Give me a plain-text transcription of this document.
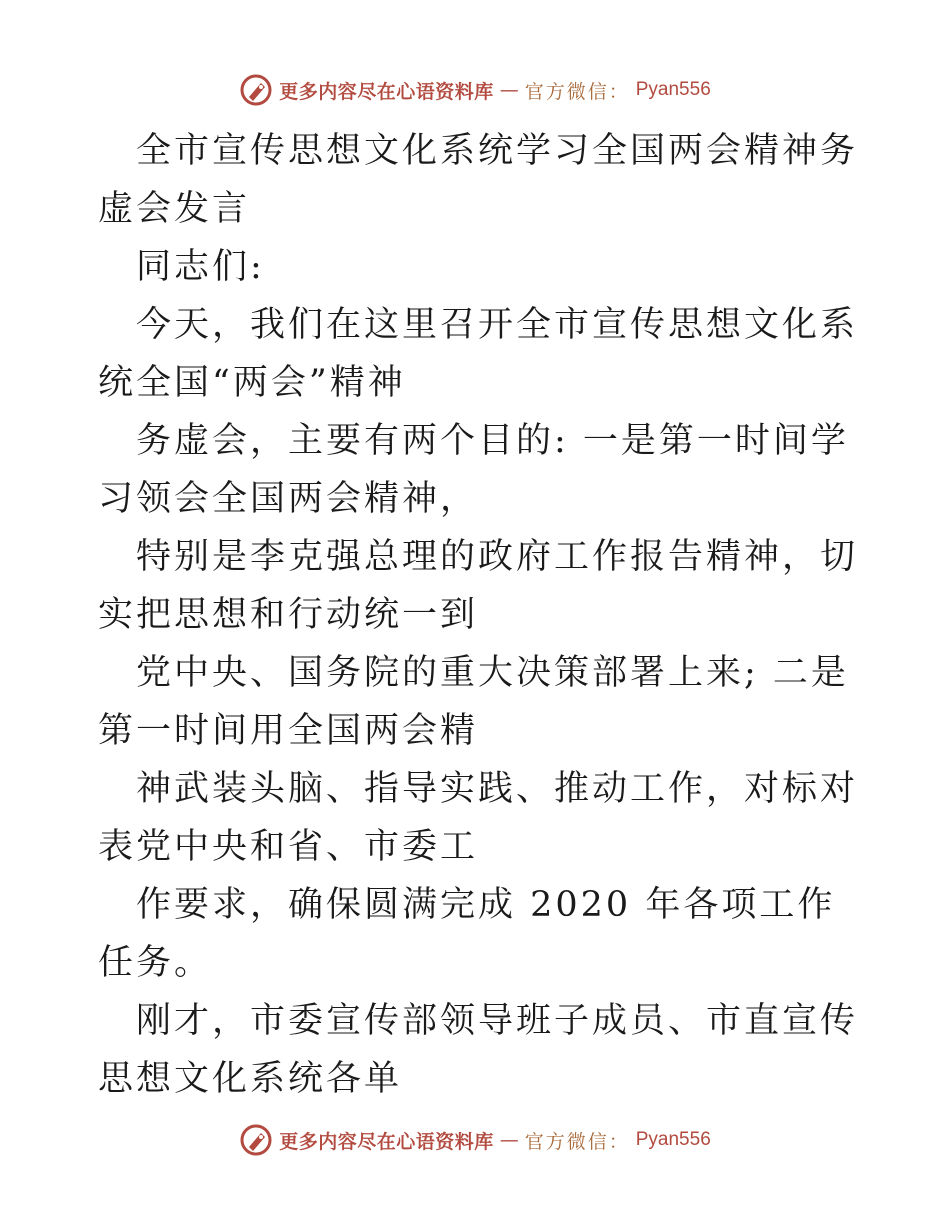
更多内容尽在心语资料库 — 官方微信： Pyan556

全市宣传思想文化系统学习全国两会精神务虚会发言

同志们:

今天，我们在这里召开全市宣传思想文化系统全国“两会”精神

务虚会，主要有两个目的: 一是第一时间学习领会全国两会精神，

特别是李克强总理的政府工作报告精神，切实把思想和行动统一到

党中央、国务院的重大决策部署上来; 二是第一时间用全国两会精

神武装头脑、指导实践、推动工作，对标对表党中央和省、市委工

作要求，确保圆满完成 2020 年各项工作任务。

刚才，市委宣传部领导班子成员、市直宣传思想文化系统各单

更多内容尽在心语资料库 — 官方微信： Pyan556
